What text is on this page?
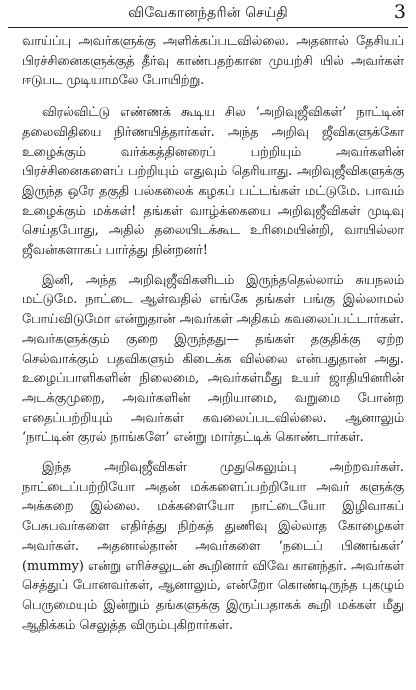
விவேகானந்தரின் செய்தி	3

வாய்ப்பு அவர்களுக்கு அளிக்கப்படவில்லை. அதனால் தேசியப் பிரச்சினைகளுக்குத் தீர்வு காண்பதற்கான முயற்சி யில் அவர்கள் ஈடுபட முடியாமலே போயிற்று.

விரல்விட்டு எண்ணக் கூடிய சில ‘அறிவுஜீவிகள்’ நாட்டின் தலைவிதியை நிர்ணயித்தார்கள். அந்த அறிவு ஜீவிகளுக்கோ உழைக்கும் வர்க்கத்தினரைப் பற்றியும் அவர்களின் பிரச்சினைகளைப் பற்றியும் எதுவும் தெரியாது. அறிவுஜீவிகளுக்கு இருந்த ஒரே தகுதி பல்கலைக் கழகப் பட்டங்கள் மட்டுமே. பாவம் உழைக்கும் மக்கள்! தங்கள் வாழ்க்கையை அறிவுஜீவிகள் முடிவு செய்தபோது, அதில் தலையிடக்கூட உரிமையின்றி, வாயில்லா ஜீவன்களாகப் பார்த்து நின்றனர்!

இனி, அந்த அறிவுஜீவிகளிடம் இருந்ததெல்லாம் சுயநலம் மட்டுமே. நாட்டை ஆள்வதில் எங்கே தங்கள் பங்கு இல்லாமல் போய்விடுமோ என்றுதான் அவர்கள் அதிகம் கவலைப்பட்டார்கள். அவர்களுக்கும் குறை இருந்தது— தங்கள் தகுதிக்கு ஏற்ற செல்வாக்கும் பதவிகளும் கிடைக்க வில்லை என்பதுதான் அது. உழைப்பாளிகளின் நிலைமை, அவர்கள்மீது உயர் ஜாதியினரின் அடக்குமுறை, அவர்களின் அறியாமை, வறுமை போன்ற எதைப்பற்றியும் அவர்கள் கவலைப்படவில்லை. ஆனாலும் ‘நாட்டின் குரல் நாங்களே’ என்று மார்தட்டிக் கொண்டார்கள்.

இந்த அறிவுஜீவிகள் முதுகெலும்பு அற்றவர்கள். நாட்டைப்பற்றியோ அதன் மக்களைப்பற்றியோ அவர் களுக்கு அக்கறை இல்லை. மக்களையோ நாட்டையோ இழிவாகப் பேசுபவர்களை எதிர்த்து நிற்கத் துணிவு இல்லாத கோழைகள் அவர்கள். அதனால்தான் அவர்களை ‘நடைப் பிணங்கள்’ (mummy) என்று எரிச்சலுடன் கூறினார் விவே கானந்தர். அவர்கள் செத்துப் போனவர்கள், ஆனாலும், என்றோ கொண்டிருந்த புகழும் பெருமையும் இன்றும் தங்களுக்கு இருப்பதாகக் கூறி மக்கள் மீது ஆதிக்கம் செலுத்த விரும்புகிறார்கள்.
